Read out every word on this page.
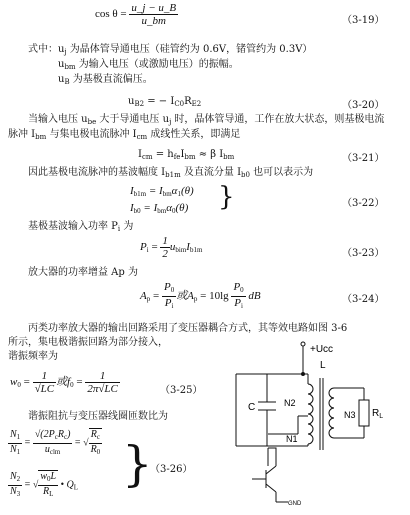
$\cos \theta = \frac{u\_j - u\_B}{u\_bm}$	（3-19）
式中：$u_j$ 为晶体管导通电压（硅管约为 0.6V，锗管约为 0.3V）
$u_{bm}$ 为输入电压（或激励电压）的振幅。
$u_B$ 为基极直流偏压。
$u_{B2}$ = − $I_{C0}R_{E2}$	（3-20）
当输入电压 $u_{be}$ 大于导通电压 $u_j$ 时，晶体管导通，工作在放大状态，则基极电流
脉冲 $I_{bm}$ 与集电极电流脉冲 $I_{cm}$ 成线性关系，即满足
$I_{cm} = h_{fe}I_{bm} \approx \beta$ $I_{bm}$	（3-21）
因此基极电流脉冲的基波幅度 $I_{b1m}$ 及直流分量 $I_{b0}$ 也可以表示为
$I_{b1m} = I_{bm}\alpha_1(\theta)$
$I_{b0} = I_{bm}\alpha_0(\theta)$ }	（3-22）
基极基波输入功率 $P_i$ 为
$P_i = \frac{1}{2} u_{bim}I_{b1m}$	（3-23）
放大器的功率增益 Ap 为
$A_p = \frac{P_0}{P_i}$ 或$A_p = 10\lg \frac{P_0}{P_i}$ dB	（3-24）
丙类功率放大器的输出回路采用了变压器耦合方式，其等效电路如图 3-6
所示，集电极谐振回路为部分接入，
谐振频率为
$w_0 = \frac{1}{√LC}$ 或$f_0 = \frac{1}{2\pi√LC}$	（3-25）
谐振阻抗与变压器线圈匝数比为
$\frac{N_1}{N_1} = \frac{√(2P_cR_c)}{u_{clm}}$ = √ $\frac{R_c}{R_0}$
$\frac{N_2}{N_3}$ = √ $\frac{w_0L}{R_L}$ • $Q_L$ }
（3-26）
+Ucc
C
L
N2
N1
N3 $R_L$
GND
